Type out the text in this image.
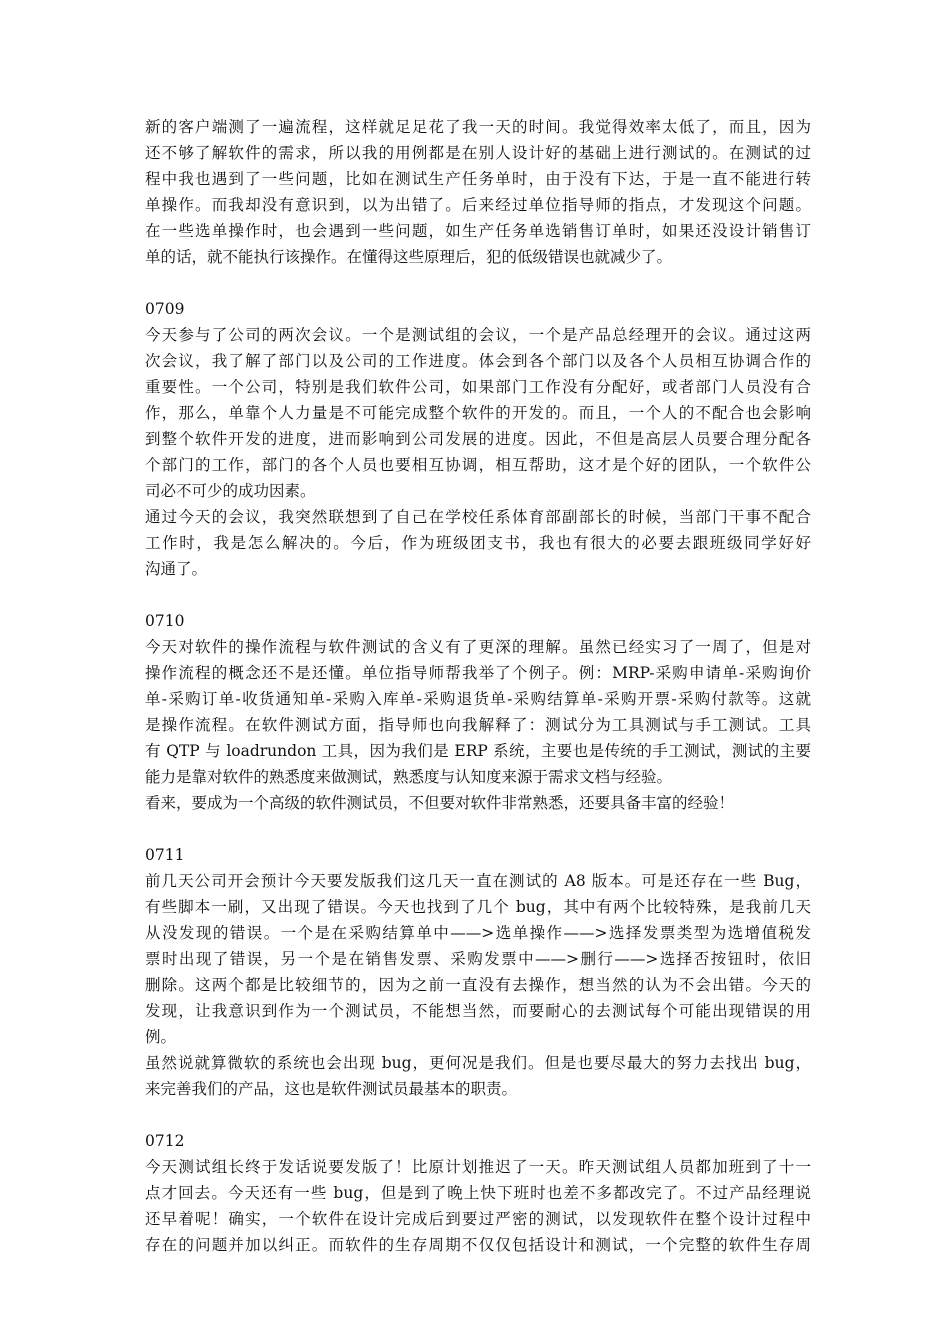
新的客户端测了一遍流程，这样就足足花了我一天的时间。我觉得效率太低了，而且，因为
还不够了解软件的需求，所以我的用例都是在别人设计好的基础上进行测试的。在测试的过
程中我也遇到了一些问题，比如在测试生产任务单时，由于没有下达，于是一直不能进行转
单操作。而我却没有意识到，以为出错了。后来经过单位指导师的指点，才发现这个问题。
在一些选单操作时，也会遇到一些问题，如生产任务单选销售订单时，如果还没设计销售订
单的话，就不能执行该操作。在懂得这些原理后，犯的低级错误也就减少了。
0709
今天参与了公司的两次会议。一个是测试组的会议，一个是产品总经理开的会议。通过这两
次会议，我了解了部门以及公司的工作进度。体会到各个部门以及各个人员相互协调合作的
重要性。一个公司，特别是我们软件公司，如果部门工作没有分配好，或者部门人员没有合
作，那么，单靠个人力量是不可能完成整个软件的开发的。而且，一个人的不配合也会影响
到整个软件开发的进度，进而影响到公司发展的进度。因此，不但是高层人员要合理分配各
个部门的工作，部门的各个人员也要相互协调，相互帮助，这才是个好的团队，一个软件公
司必不可少的成功因素。
通过今天的会议，我突然联想到了自己在学校任系体育部副部长的时候，当部门干事不配合
工作时，我是怎么解决的。今后，作为班级团支书，我也有很大的必要去跟班级同学好好
沟通了。
0710
今天对软件的操作流程与软件测试的含义有了更深的理解。虽然已经实习了一周了，但是对
操作流程的概念还不是还懂。单位指导师帮我举了个例子。例：MRP-采购申请单-采购询价
单-采购订单-收货通知单-采购入库单-采购退货单-采购结算单-采购开票-采购付款等。这就
是操作流程。在软件测试方面，指导师也向我解释了：测试分为工具测试与手工测试。工具
有 QTP 与 loadrundon 工具，因为我们是 ERP 系统，主要也是传统的手工测试，测试的主要
能力是靠对软件的熟悉度来做测试，熟悉度与认知度来源于需求文档与经验。
看来，要成为一个高级的软件测试员，不但要对软件非常熟悉，还要具备丰富的经验！
0711
前几天公司开会预计今天要发版我们这几天一直在测试的 A8 版本。可是还存在一些 Bug，
有些脚本一刷，又出现了错误。今天也找到了几个 bug，其中有两个比较特殊，是我前几天
从没发现的错误。一个是在采购结算单中——>选单操作——>选择发票类型为选增值税发
票时出现了错误，另一个是在销售发票、采购发票中——>删行——>选择否按钮时，依旧
删除。这两个都是比较细节的，因为之前一直没有去操作，想当然的认为不会出错。今天的
发现，让我意识到作为一个测试员，不能想当然，而要耐心的去测试每个可能出现错误的用
例。
虽然说就算微软的系统也会出现 bug，更何况是我们。但是也要尽最大的努力去找出 bug，
来完善我们的产品，这也是软件测试员最基本的职责。
0712
今天测试组长终于发话说要发版了！比原计划推迟了一天。昨天测试组人员都加班到了十一
点才回去。今天还有一些 bug，但是到了晚上快下班时也差不多都改完了。不过产品经理说
还早着呢！确实，一个软件在设计完成后到要过严密的测试，以发现软件在整个设计过程中
存在的问题并加以纠正。而软件的生存周期不仅仅包括设计和测试，一个完整的软件生存周
